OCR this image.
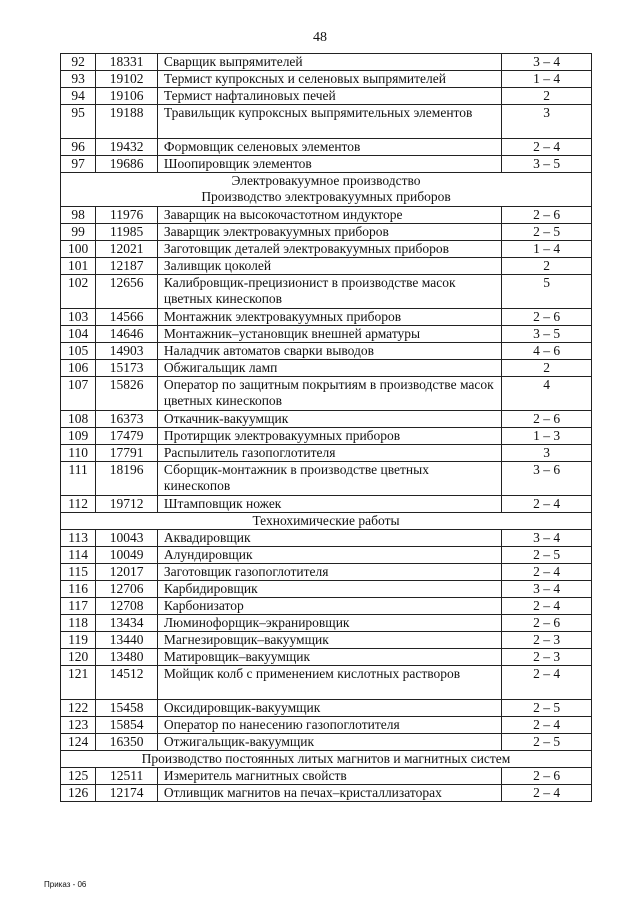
48
92	18331	Сварщик выпрямителей	3 – 4
93	19102	Термист купроксных и селеновых выпрямителей	1 – 4
94	19106	Термист нафталиновых печей	2
95	19188	Травильщик купроксных выпрямительных элементов	3
96	19432	Формовщик селеновых элементов	2 – 4
97	19686	Шоопировщик элементов	3 – 5

Электровакуумное производство
Производство электровакуумных приборов			

98	11976	Заварщик на высокочастотном индукторе	2 – 6
99	11985	Заварщик электровакуумных приборов	2 – 5
100	12021	Заготовщик деталей электровакуумных приборов	1 – 4
101	12187	Заливщик цоколей	2
102	12656	Калибровщик-прецизионист в производстве масок цветных кинескопов	5
103	14566	Монтажник электровакуумных приборов	2 – 6
104	14646	Монтажник–установщик внешней арматуры	3 – 5
105	14903	Наладчик автоматов сварки выводов	4 – 6
106	15173	Обжигальщик ламп	2
107	15826	Оператор по защитным покрытиям в производстве масок цветных кинескопов	4
108	16373	Откачник-вакуумщик	2 – 6
109	17479	Протирщик электровакуумных приборов	1 – 3
110	17791	Распылитель газопоглотителя	3
111	18196	Сборщик-монтажник в производстве цветных кинескопов	3 – 6
112	19712	Штамповщик ножек	2 – 4
Технохимические работы			
113	10043	Аквадировщик	3 – 4
114	10049	Алундировщик	2 – 5
115	12017	Заготовщик газопоглотителя	2 – 4
116	12706	Карбидировщик	3 – 4
117	12708	Карбонизатор	2 – 4
118	13434	Люминофорщик–экранировщик	2 – 6
119	13440	Магнезировщик–вакуумщик	2 – 3
120	13480	Матировщик–вакуумщик	2 – 3
121	14512	Мойщик колб с применением кислотных растворов	2 – 4
122	15458	Оксидировщик-вакуумщик	2 – 5
123	15854	Оператор по нанесению газопоглотителя	2 – 4
124	16350	Отжигальщик-вакуумщик	2 – 5
Производство постоянных литых магнитов и магнитных систем			
125	12511	Измеритель магнитных свойств	2 – 6
126	12174	Отливщик магнитов на печах–кристаллизаторах	2 – 4
Приказ - 06
